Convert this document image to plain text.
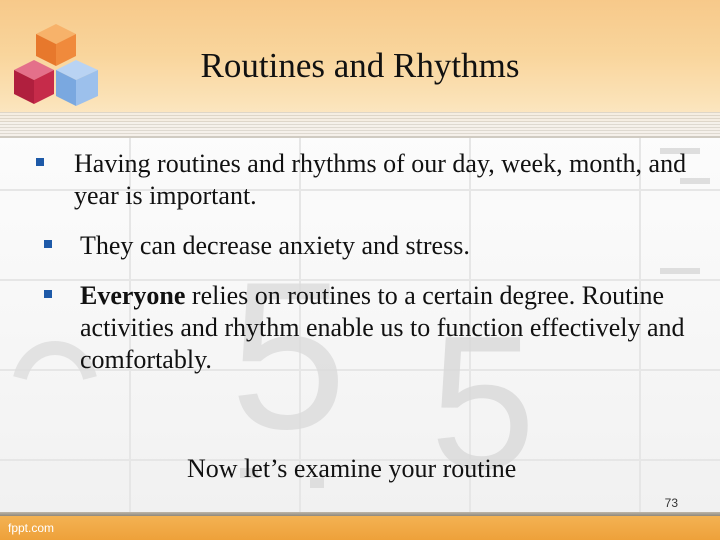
5 5
Routines and Rhythms
Having routines and rhythms of our day, week, month, and year is important.
They can decrease anxiety and stress.
Everyone relies on routines to a certain degree. Routine activities and rhythm enable us to function effectively and comfortably.
Now let’s examine your routine
73
fppt.com
